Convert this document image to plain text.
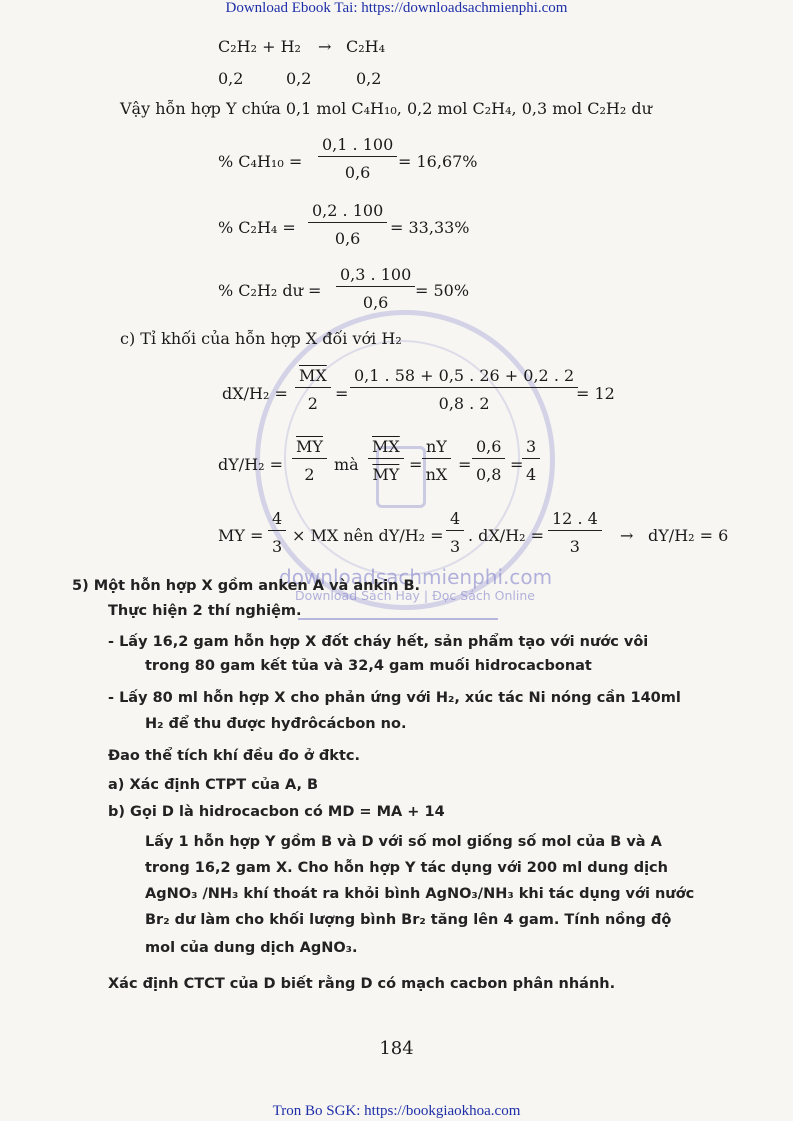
downloadsachmienphi.com
Download Sách Hay | Đọc Sách Online
Download Ebook Tai: https://downloadsachmienphi.com
C₂H₂ + H₂ → C₂H₄
0,2	0,2	0,2
Vậy hỗn hợp Y chứa 0,1 mol C₄H₁₀, 0,2 mol C₂H₄, 0,3 mol C₂H₂ dư
% $C_4H_{10} = \frac{0,1 . 100}{0,6} = 16,67\%$
% $C_2H_4 = \frac{0,2 . 100}{0,6} = 33,33\%$
% C₂H₂ dư = $\frac{0,3 . 100}{0,6} = 50\%$
c) Tỉ khối của hỗn hợp X đối với H₂
$dX/H_2 = \frac{\overline{MX}}{2} = \frac{0,1 . 58 + 0,5 . 26 + 0,2 . 2}{0,8 . 2}$
= 12
$dY/H_2 = \frac{\overline{MY}}{2}$ mà $\frac{\overline{MX}}{MY} = \frac{nY}{nX} = \frac{0,6}{0,8}$ =
$\frac{3}{4}$
MY = $\frac{4}{3}$ × MX nên $dY/H_2 = \frac{4}{3}$ . $dX/H_2 = \frac{12 . 4}{3} \to dY/H_2 = 6$
5) Một hỗn hợp X gồm anken A và ankin B.
Thực hiện 2 thí nghiệm.
- Lấy 16,2 gam hỗn hợp X đốt cháy hết, sản phẩm tạo với nước vôi
trong 80 gam kết tủa và 32,4 gam muối hidrocacbonat
- Lấy 80 ml hỗn hợp X cho phản ứng với H₂, xúc tác Ni nóng cần 140ml
H₂ để thu được hyđrôcácbon no.
Đao thể tích khí đều đo ở đktc.
a) Xác định CTPT của A, B
b) Gọi D là hidrocacbon có MD = MA + 14
Lấy 1 hỗn hợp Y gồm B và D với số mol giống số mol của B và A
trong 16,2 gam X. Cho hỗn hợp Y tác dụng với 200 ml dung dịch
AgNO₃ /NH₃ khí thoát ra khỏi bình AgNO₃/NH₃ khi tác dụng với nước
Br₂ dư làm cho khối lượng bình Br₂ tăng lên 4 gam. Tính nồng độ
mol của dung dịch AgNO₃.
Xác định CTCT của D biết rằng D có mạch cacbon phân nhánh.
184
Tron Bo SGK: https://bookgiaokhoa.com
